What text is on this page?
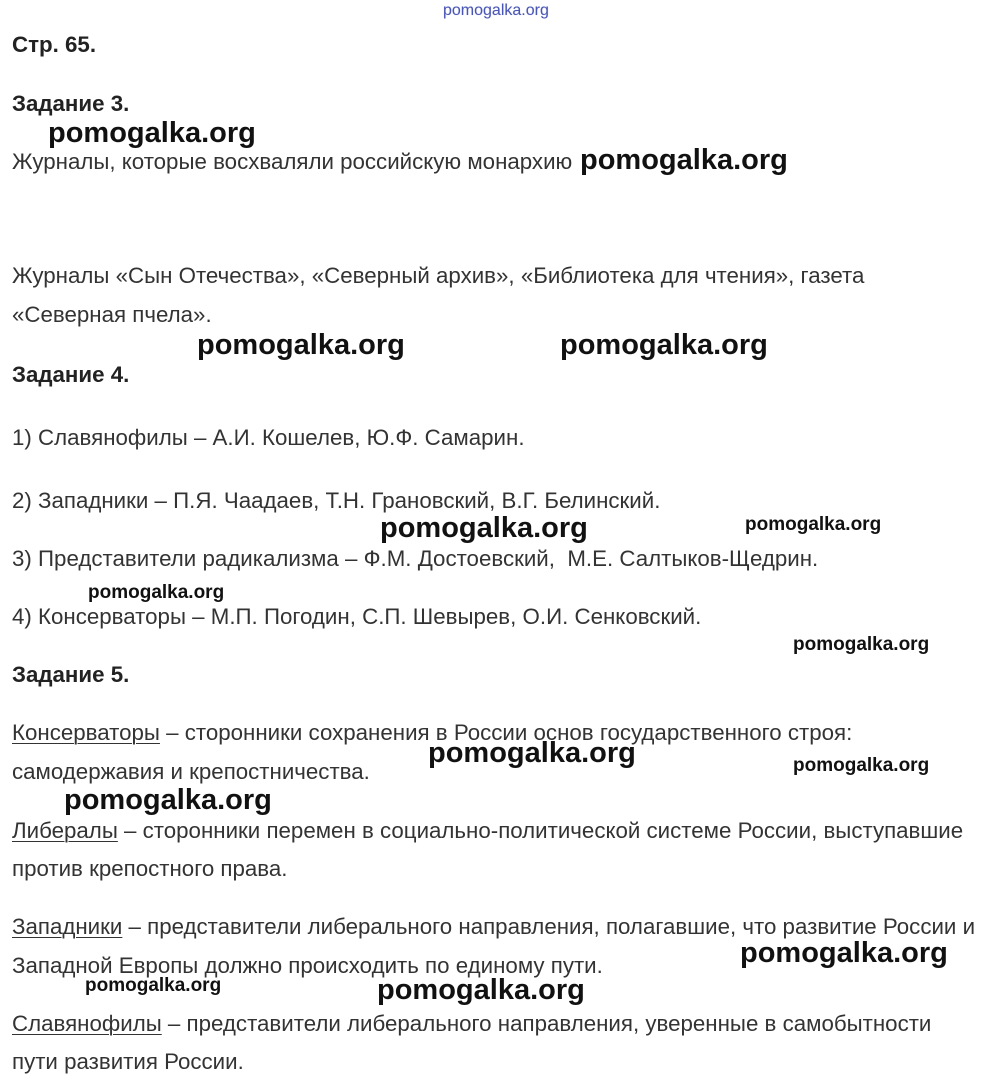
pomogalka.org
Стр. 65.
Задание 3.
Журналы, которые восхваляли российскую монархию
Журналы «Сын Отечества», «Северный архив», «Библиотека для чтения», газета
«Северная пчела».
Задание 4.
1) Славянофилы – А.И. Кошелев, Ю.Ф. Самарин.
2) Западники – П.Я. Чаадаев, Т.Н. Грановский, В.Г. Белинский.
3) Представители радикализма – Ф.М. Достоевский,  М.Е. Салтыков-Щедрин.
4) Консерваторы – М.П. Погодин, С.П. Шевырев, О.И. Сенковский.
Задание 5.
Консерваторы – сторонники сохранения в России основ государственного строя:
самодержавия и крепостничества.
Либералы – сторонники перемен в социально-политической системе России, выступавшие
против крепостного права.
Западники – представители либерального направления, полагавшие, что развитие России и
Западной Европы должно происходить по единому пути.
Славянофилы – представители либерального направления, уверенные в самобытности
пути развития России.
pomogalka.org
pomogalka.org
pomogalka.org	pomogalka.org
pomogalka.org	pomogalka.org
pomogalka.org
pomogalka.org
pomogalka.org	pomogalka.org
pomogalka.org
pomogalka.org
pomogalka.org	pomogalka.org
